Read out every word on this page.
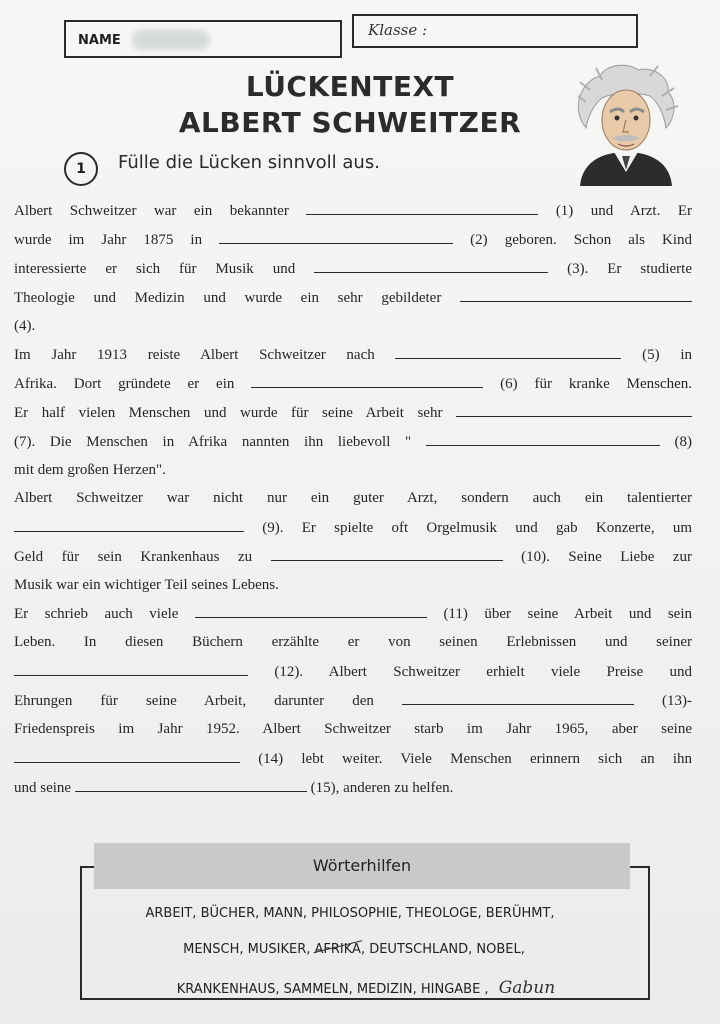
NAME
Klasse :
LÜCKENTEXT
ALBERT SCHWEITZER
1	Fülle die Lücken sinnvoll aus.
Albert Schweitzer war ein bekannter	(1) und Arzt. Er
wurde im Jahr 1875 in	(2) geboren. Schon als Kind
interessierte er sich für Musik und	(3). Er studierte
Theologie und Medizin und wurde ein sehr gebildeter
(4).
Im Jahr 1913 reiste Albert Schweitzer nach	(5) in
Afrika. Dort gründete er ein	(6) für kranke Menschen.
Er half vielen Menschen und wurde für seine Arbeit sehr
(7). Die Menschen in Afrika nannten ihn liebevoll "	(8)
mit dem großen Herzen".
Albert Schweitzer war nicht nur ein guter Arzt, sondern auch ein talentierter
(9). Er spielte oft Orgelmusik und gab Konzerte, um
Geld für sein Krankenhaus zu	(10). Seine Liebe zur
Musik war ein wichtiger Teil seines Lebens.
Er schrieb auch viele	(11) über seine Arbeit und sein
Leben. In diesen Büchern erzählte er von seinen Erlebnissen und seiner
(12). Albert Schweitzer erhielt viele Preise und
Ehrungen für seine Arbeit, darunter den	(13)-
Friedenspreis im Jahr 1952. Albert Schweitzer starb im Jahr 1965, aber seine
(14) lebt weiter. Viele Menschen erinnern sich an ihn
und seine	(15), anderen zu helfen.
Wörterhilfen
ARBEIT, BÜCHER, MANN, PHILOSOPHIE, THEOLOGE, BERÜHMT,
MENSCH, MUSIKER, AFRIKA, DEUTSCHLAND, NOBEL,
KRANKENHAUS, SAMMELN, MEDIZIN, HINGABE , Gabun
